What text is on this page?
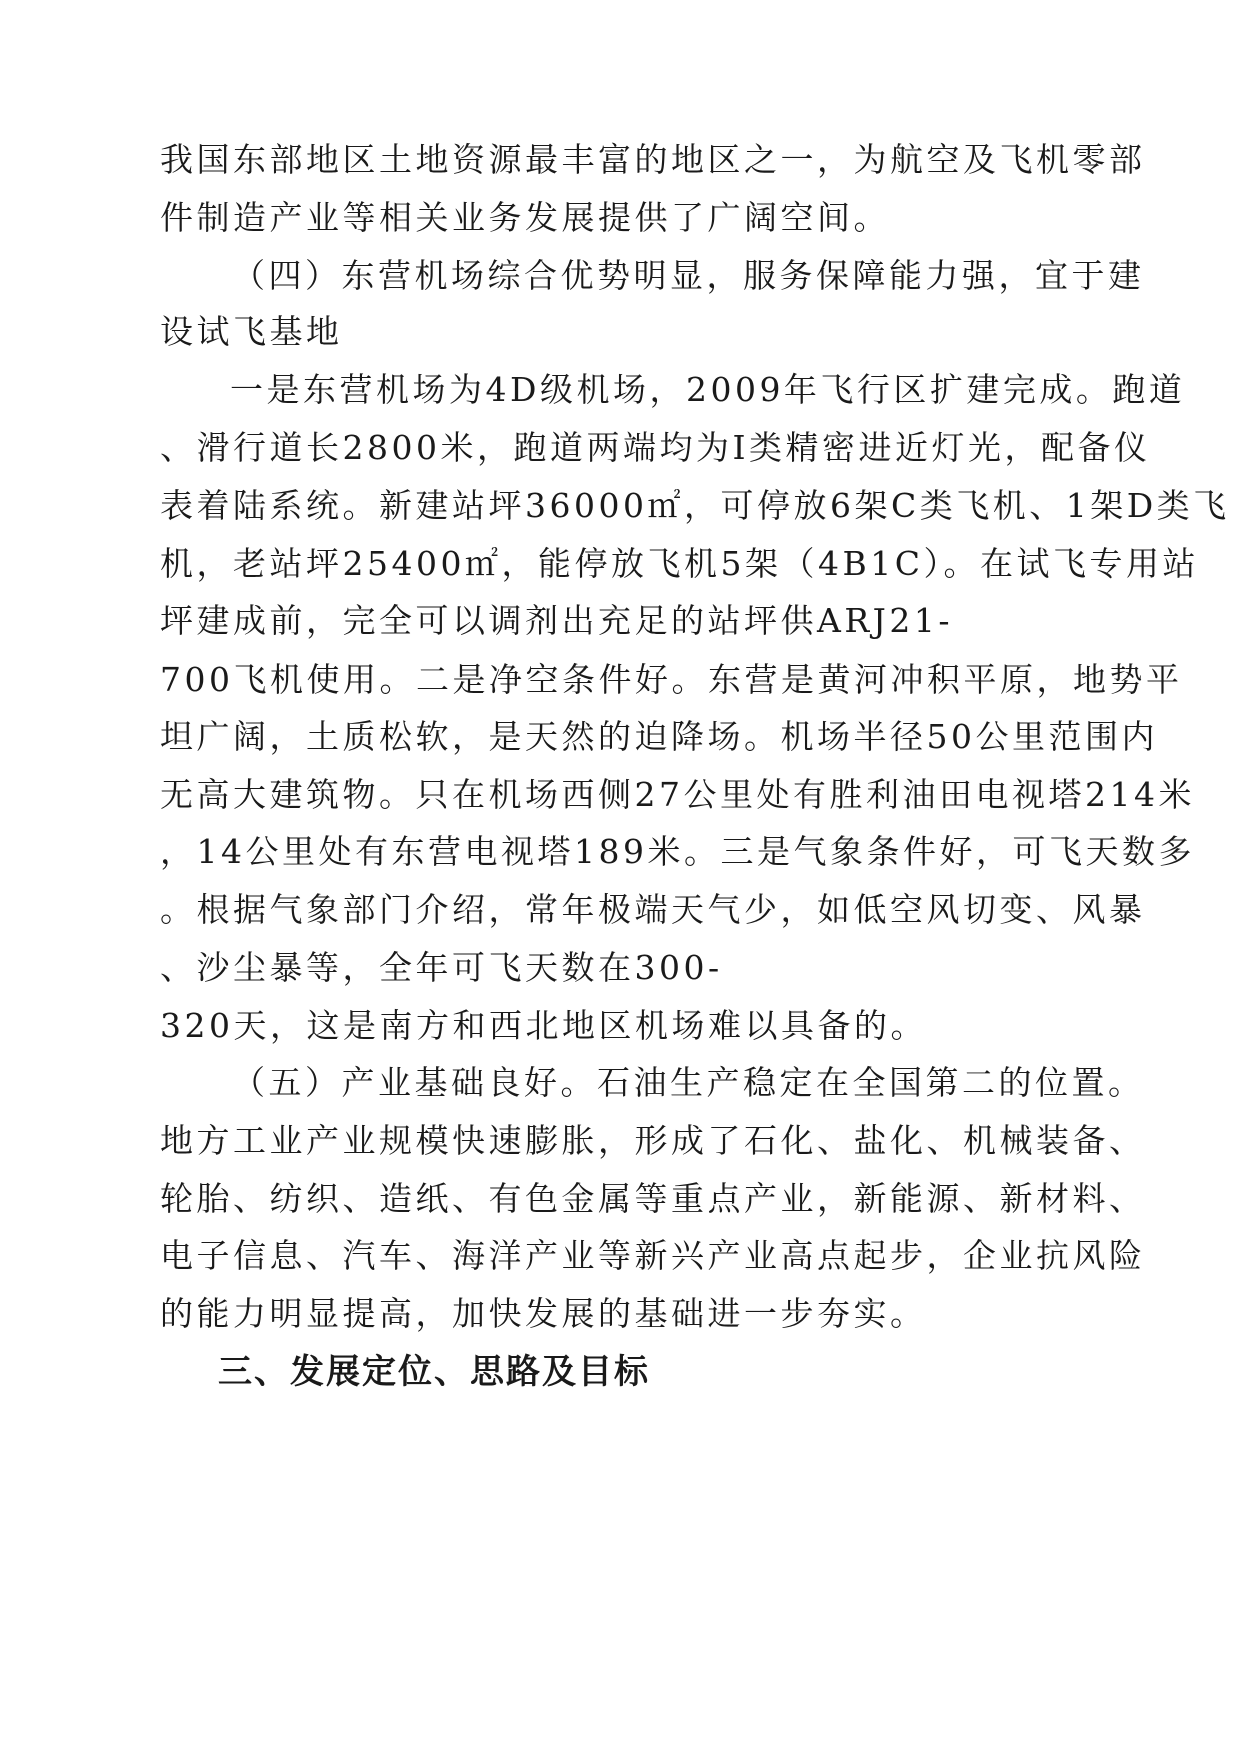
我国东部地区土地资源最丰富的地区之一，为航空及飞机零部
件制造产业等相关业务发展提供了广阔空间。
（四）东营机场综合优势明显，服务保障能力强，宜于建
设试飞基地
一是东营机场为4D级机场，2009年飞行区扩建完成。跑道
、滑行道长2800米，跑道两端均为Ⅰ类精密进近灯光，配备仪
表着陆系统。新建站坪36000㎡，可停放6架C类飞机、1架D类飞
机，老站坪25400㎡，能停放飞机5架（4B1C）。在试飞专用站
坪建成前，完全可以调剂出充足的站坪供ARJ21-
700飞机使用。二是净空条件好。东营是黄河冲积平原，地势平
坦广阔，土质松软，是天然的迫降场。机场半径50公里范围内
无高大建筑物。只在机场西侧27公里处有胜利油田电视塔214米
，14公里处有东营电视塔189米。三是气象条件好，可飞天数多
。根据气象部门介绍，常年极端天气少，如低空风切变、风暴
、沙尘暴等，全年可飞天数在300-
320天，这是南方和西北地区机场难以具备的。
（五）产业基础良好。石油生产稳定在全国第二的位置。
地方工业产业规模快速膨胀，形成了石化、盐化、机械装备、
轮胎、纺织、造纸、有色金属等重点产业，新能源、新材料、
电子信息、汽车、海洋产业等新兴产业高点起步，企业抗风险
的能力明显提高，加快发展的基础进一步夯实。
三、发展定位、思路及目标
